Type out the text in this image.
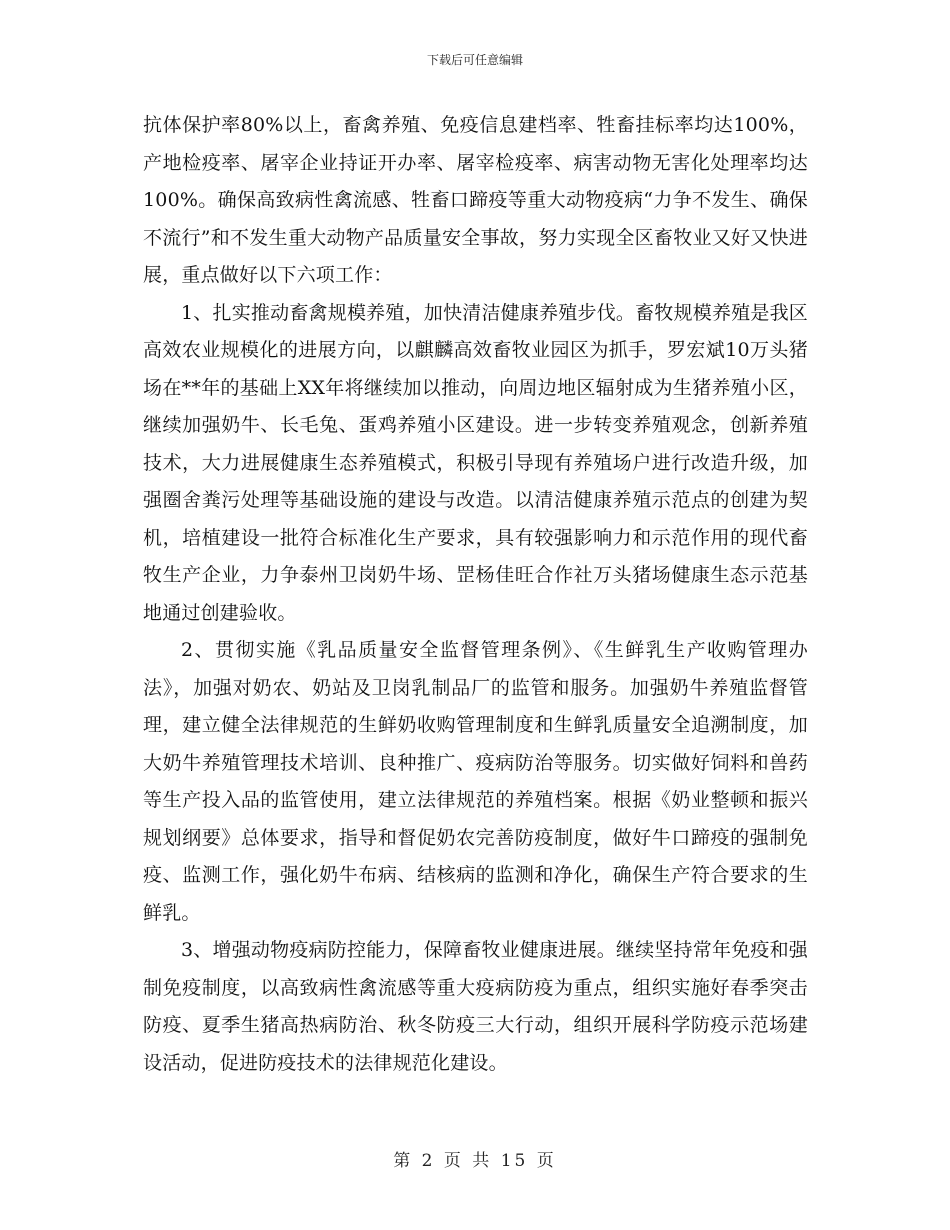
下载后可任意编辑

抗体保护率80%以上，畜禽养殖、免疫信息建档率、牲畜挂标率均达100%，产地检疫率、屠宰企业持证开办率、屠宰检疫率、病害动物无害化处理率均达100%。确保高致病性禽流感、牲畜口蹄疫等重大动物疫病“力争不发生、确保不流行”和不发生重大动物产品质量安全事故，努力实现全区畜牧业又好又快进展，重点做好以下六项工作：

1、扎实推动畜禽规模养殖，加快清洁健康养殖步伐。畜牧规模养殖是我区高效农业规模化的进展方向，以麒麟高效畜牧业园区为抓手，罗宏斌10万头猪场在**年的基础上XX年将继续加以推动，向周边地区辐射成为生猪养殖小区，继续加强奶牛、长毛兔、蛋鸡养殖小区建设。进一步转变养殖观念，创新养殖技术，大力进展健康生态养殖模式，积极引导现有养殖场户进行改造升级，加强圈舍粪污处理等基础设施的建设与改造。以清洁健康养殖示范点的创建为契机，培植建设一批符合标准化生产要求，具有较强影响力和示范作用的现代畜牧生产企业，力争泰州卫岗奶牛场、罡杨佳旺合作社万头猪场健康生态示范基地通过创建验收。

2、贯彻实施《乳品质量安全监督管理条例》、《生鲜乳生产收购管理办法》，加强对奶农、奶站及卫岗乳制品厂的监管和服务。加强奶牛养殖监督管理，建立健全法律规范的生鲜奶收购管理制度和生鲜乳质量安全追溯制度，加大奶牛养殖管理技术培训、良种推广、疫病防治等服务。切实做好饲料和兽药等生产投入品的监管使用，建立法律规范的养殖档案。根据《奶业整顿和振兴规划纲要》总体要求，指导和督促奶农完善防疫制度，做好牛口蹄疫的强制免疫、监测工作，强化奶牛布病、结核病的监测和净化，确保生产符合要求的生鲜乳。

3、增强动物疫病防控能力，保障畜牧业健康进展。继续坚持常年免疫和强制免疫制度，以高致病性禽流感等重大疫病防疫为重点，组织实施好春季突击防疫、夏季生猪高热病防治、秋冬防疫三大行动，组织开展科学防疫示范场建设活动，促进防疫技术的法律规范化建设。

第 2 页 共 15 页
